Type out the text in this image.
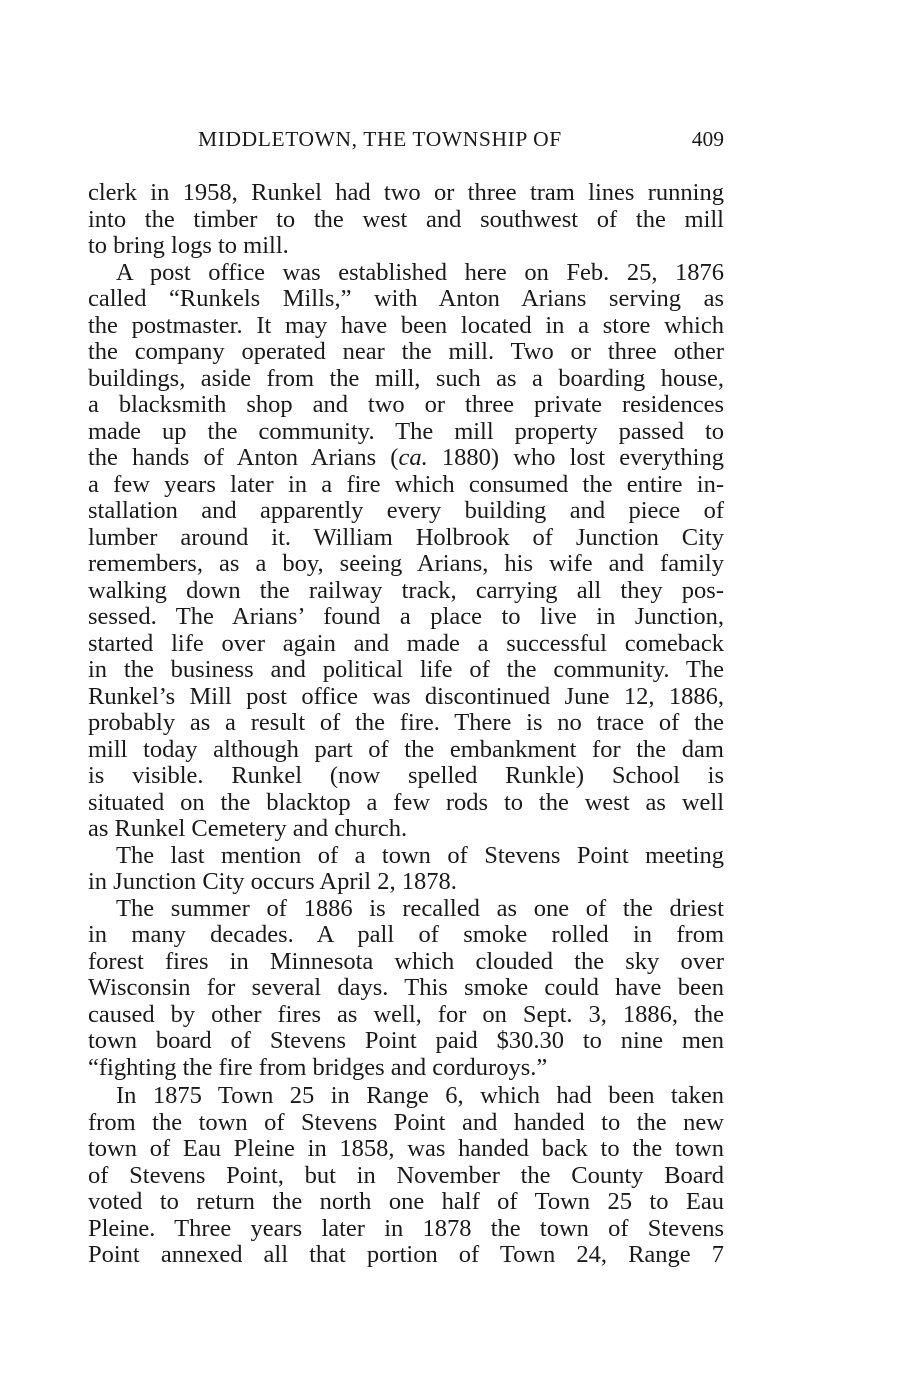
MIDDLETOWN, THE TOWNSHIP OF	409
clerk in 1958, Runkel had two or three tram lines running
into the timber to the west and southwest of the mill
to bring logs to mill.
A post office was established here on Feb. 25, 1876
called “Runkels Mills,” with Anton Arians serving as
the postmaster. It may have been located in a store which
the company operated near the mill. Two or three other
buildings, aside from the mill, such as a boarding house,
a blacksmith shop and two or three private residences
made up the community. The mill property passed to
the hands of Anton Arians (ca. 1880) who lost everything
a few years later in a fire which consumed the entire in-
stallation and apparently every building and piece of
lumber around it. William Holbrook of Junction City
remembers, as a boy, seeing Arians, his wife and family
walking down the railway track, carrying all they pos-
sessed. The Arians’ found a place to live in Junction,
started life over again and made a successful comeback
in the business and political life of the community. The
Runkel’s Mill post office was discontinued June 12, 1886,
probably as a result of the fire. There is no trace of the
mill today although part of the embankment for the dam
is visible. Runkel (now spelled Runkle) School is
situated on the blacktop a few rods to the west as well
as Runkel Cemetery and church.
The last mention of a town of Stevens Point meeting
in Junction City occurs April 2, 1878.
The summer of 1886 is recalled as one of the driest
in many decades. A pall of smoke rolled in from
forest fires in Minnesota which clouded the sky over
Wisconsin for several days. This smoke could have been
caused by other fires as well, for on Sept. 3, 1886, the
town board of Stevens Point paid $30.30 to nine men
“fighting the fire from bridges and corduroys.”
In 1875 Town 25 in Range 6, which had been taken
from the town of Stevens Point and handed to the new
town of Eau Pleine in 1858, was handed back to the town
of Stevens Point, but in November the County Board
voted to return the north one half of Town 25 to Eau
Pleine. Three years later in 1878 the town of Stevens
Point annexed all that portion of Town 24, Range 7
